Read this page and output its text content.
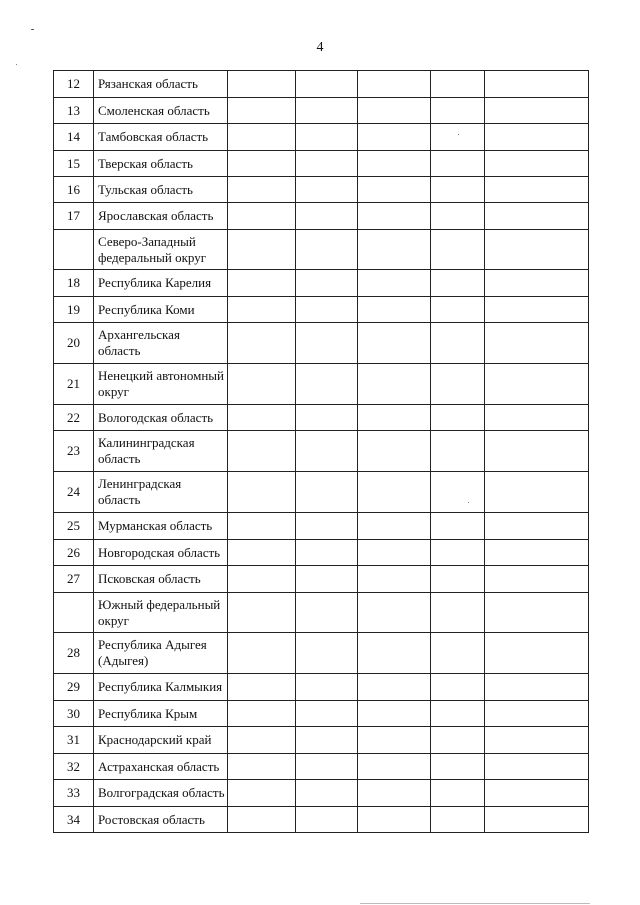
4
12	Рязанская область					
13	Смоленская область					
14	Тамбовская область					
15	Тверская область					
16	Тульская область					
17	Ярославская область					
	Северо-Западный федеральный округ					
18	Республика Карелия					
19	Республика Коми					
20	Архангельская область					
21	Ненецкий автономный округ					
22	Вологодская область					
23	Калининградская область					
24	Ленинградская область					
25	Мурманская область					
26	Новгородская область					
27	Псковская область					
	Южный федеральный округ					
28	Республика Адыгея (Адыгея)					
29	Республика Калмыкия					
30	Республика Крым					
31	Краснодарский край					
32	Астраханская область					
33	Волгоградская область					
34	Ростовская область					
